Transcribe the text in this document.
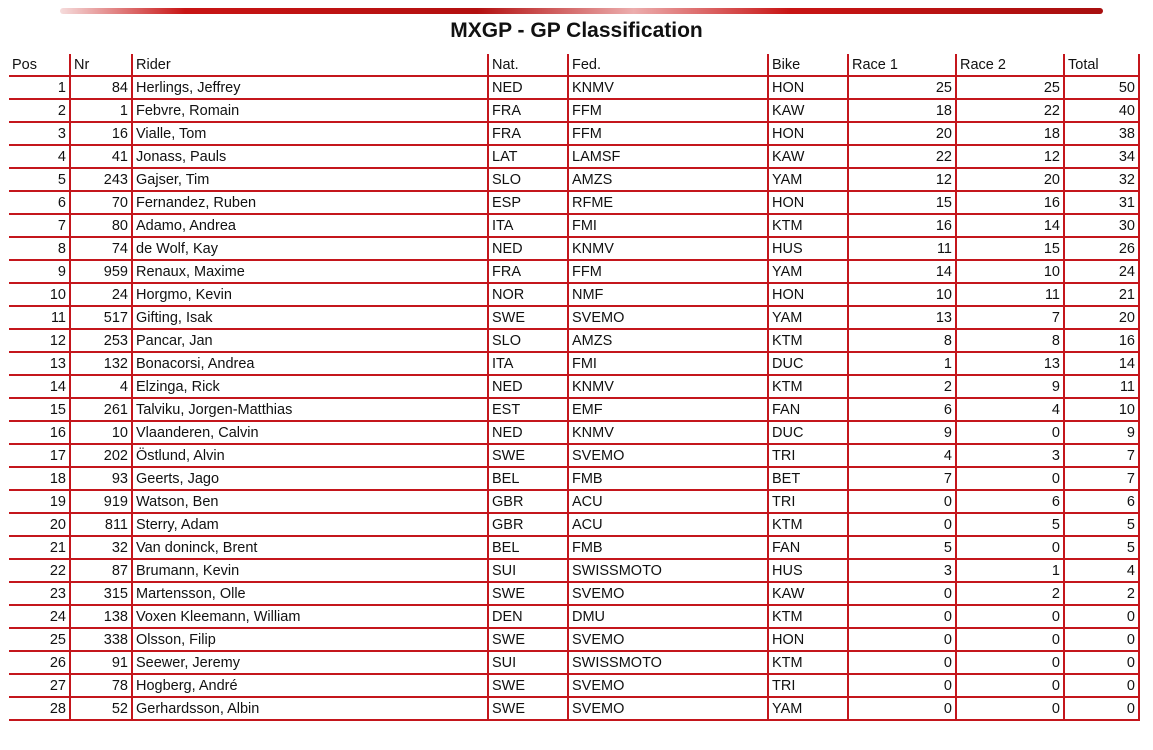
MXGP - GP Classification
Pos	Nr	Rider	Nat.	Fed.	Bike	Race 1	Race 2	Total
1	84	Herlings, Jeffrey	NED	KNMV	HON	25	25	50
2	1	Febvre, Romain	FRA	FFM	KAW	18	22	40
3	16	Vialle, Tom	FRA	FFM	HON	20	18	38
4	41	Jonass, Pauls	LAT	LAMSF	KAW	22	12	34
5	243	Gajser, Tim	SLO	AMZS	YAM	12	20	32
6	70	Fernandez, Ruben	ESP	RFME	HON	15	16	31
7	80	Adamo, Andrea	ITA	FMI	KTM	16	14	30
8	74	de Wolf, Kay	NED	KNMV	HUS	11	15	26
9	959	Renaux, Maxime	FRA	FFM	YAM	14	10	24
10	24	Horgmo, Kevin	NOR	NMF	HON	10	11	21
11	517	Gifting, Isak	SWE	SVEMO	YAM	13	7	20
12	253	Pancar, Jan	SLO	AMZS	KTM	8	8	16
13	132	Bonacorsi, Andrea	ITA	FMI	DUC	1	13	14
14	4	Elzinga, Rick	NED	KNMV	KTM	2	9	11
15	261	Talviku, Jorgen-Matthias	EST	EMF	FAN	6	4	10
16	10	Vlaanderen, Calvin	NED	KNMV	DUC	9	0	9
17	202	Östlund, Alvin	SWE	SVEMO	TRI	4	3	7
18	93	Geerts, Jago	BEL	FMB	BET	7	0	7
19	919	Watson, Ben	GBR	ACU	TRI	0	6	6
20	811	Sterry, Adam	GBR	ACU	KTM	0	5	5
21	32	Van doninck, Brent	BEL	FMB	FAN	5	0	5
22	87	Brumann, Kevin	SUI	SWISSMOTO	HUS	3	1	4
23	315	Martensson, Olle	SWE	SVEMO	KAW	0	2	2
24	138	Voxen Kleemann, William	DEN	DMU	KTM	0	0	0
25	338	Olsson, Filip	SWE	SVEMO	HON	0	0	0
26	91	Seewer, Jeremy	SUI	SWISSMOTO	KTM	0	0	0
27	78	Hogberg, André	SWE	SVEMO	TRI	0	0	0
28	52	Gerhardsson, Albin	SWE	SVEMO	YAM	0	0	0
